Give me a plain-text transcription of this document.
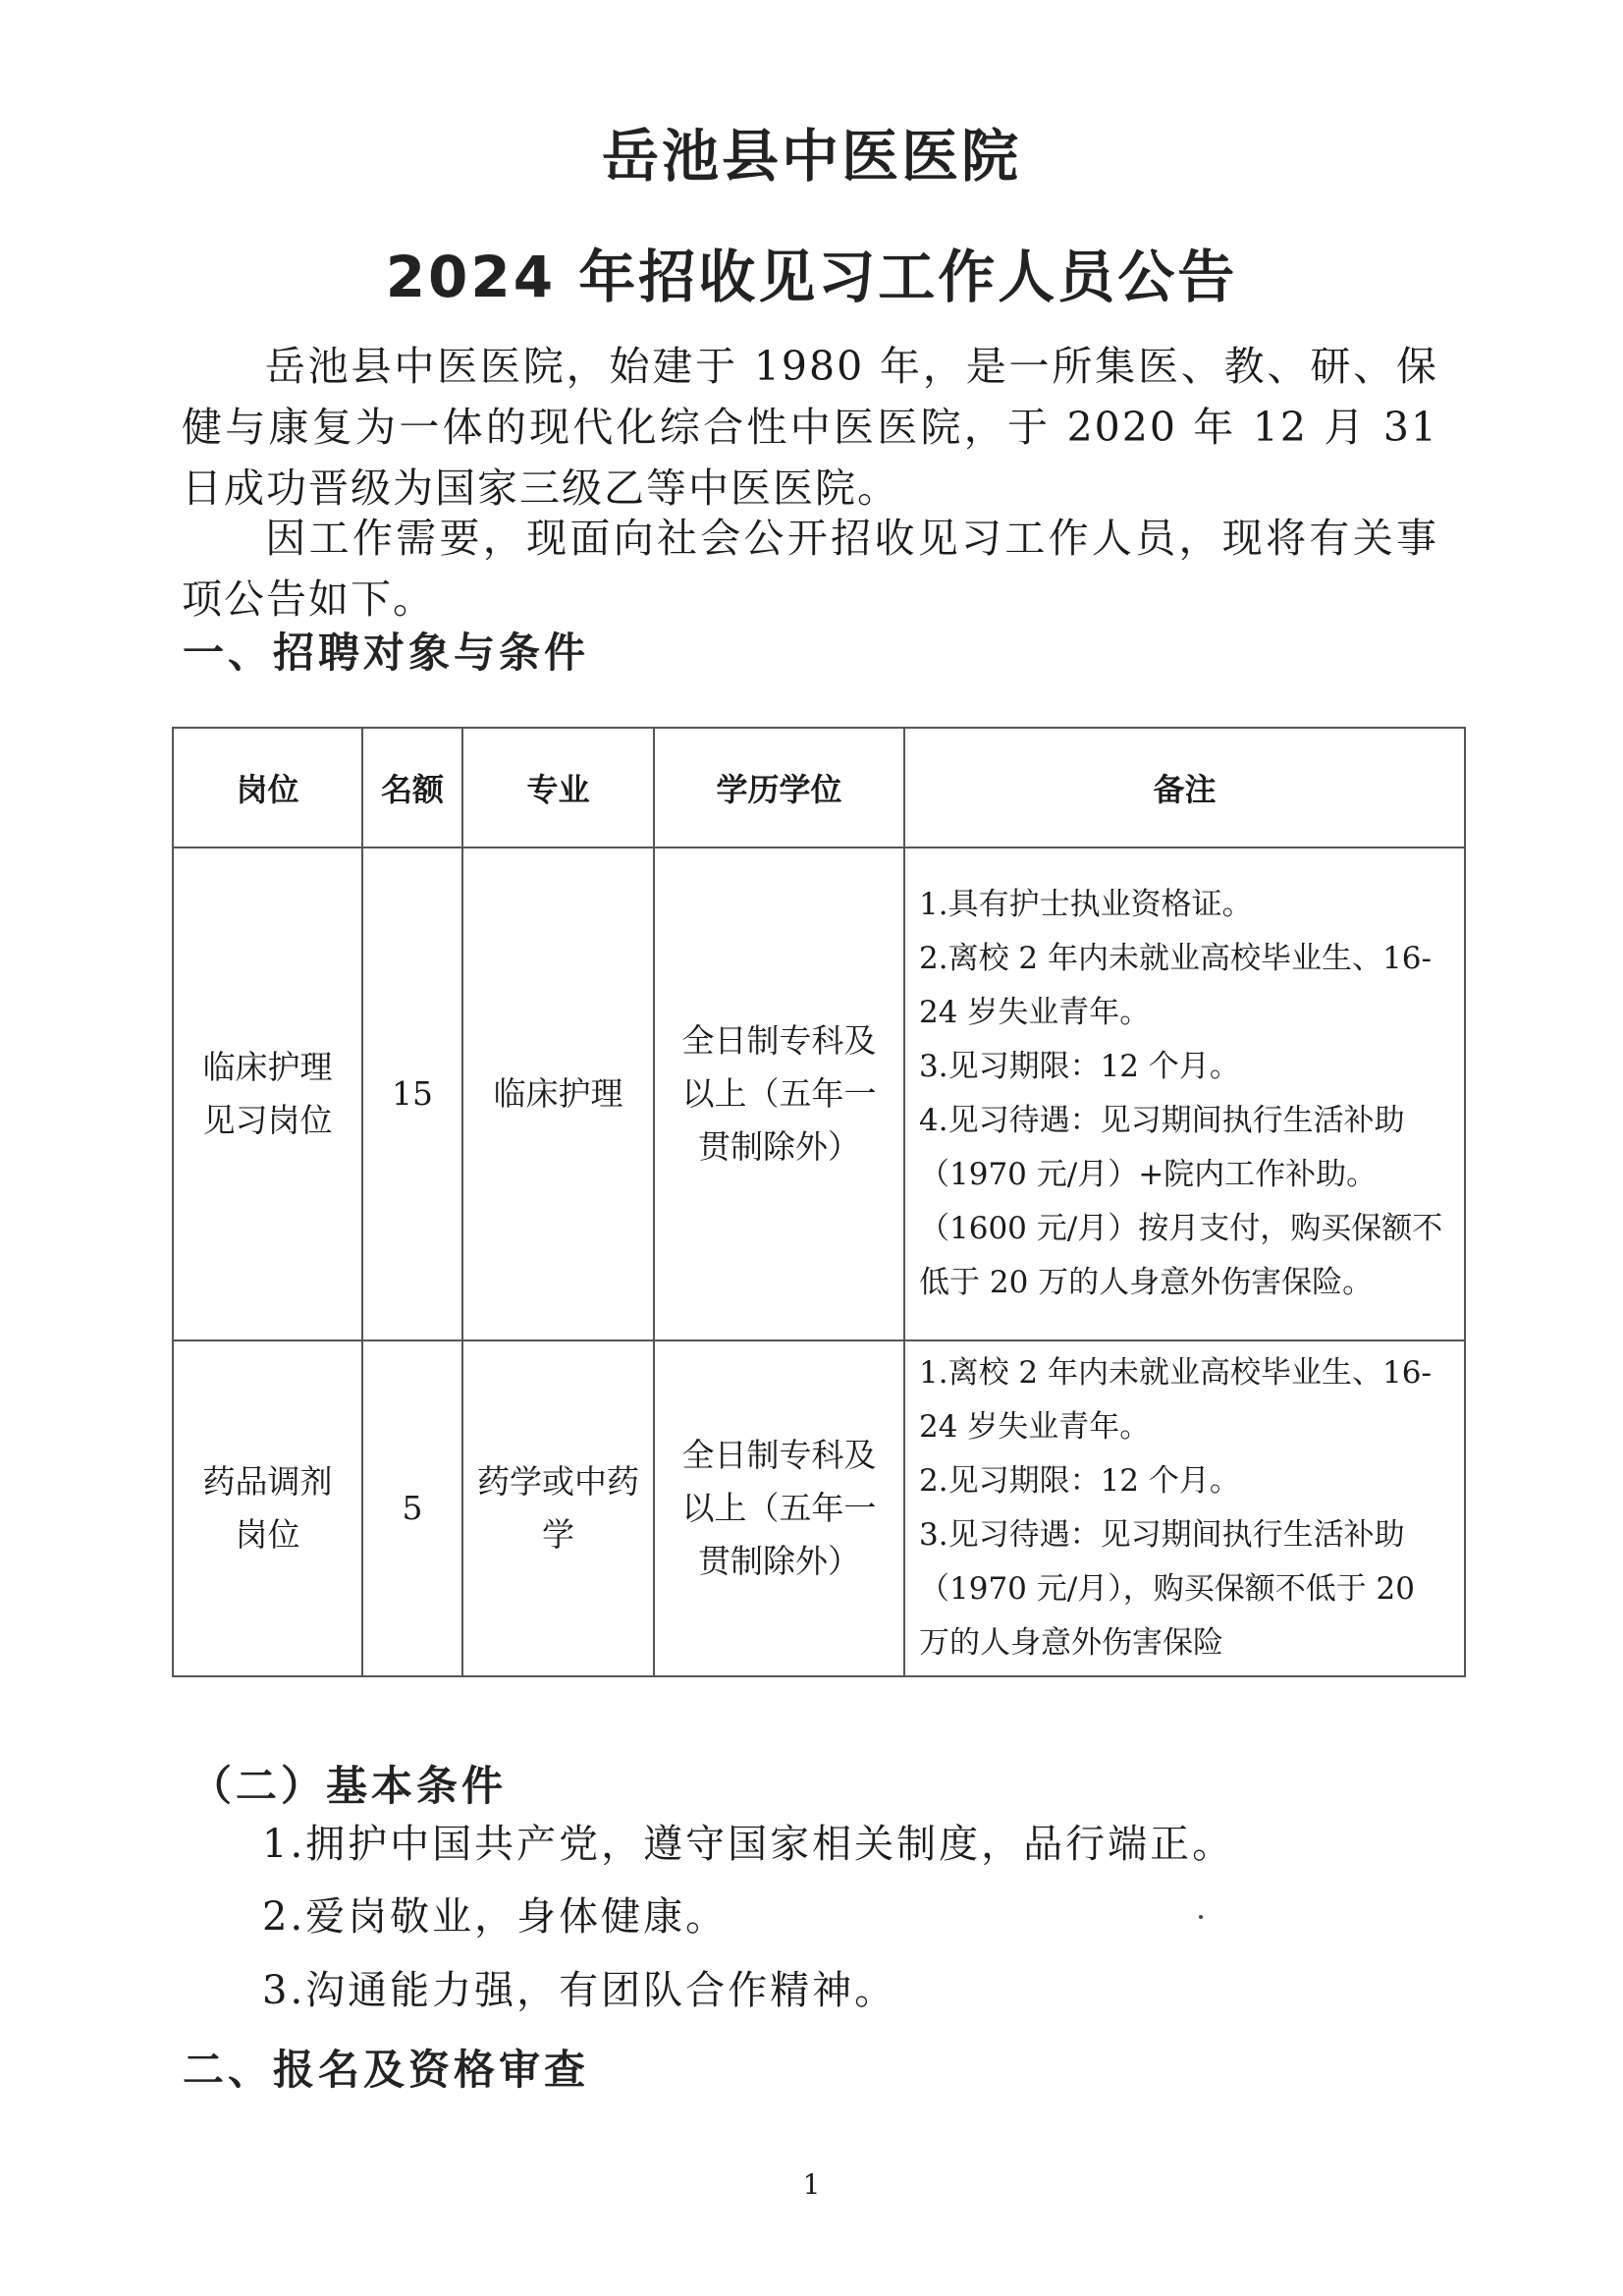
岳池县中医医院
2024 年招收见习工作人员公告
岳池县中医医院，始建于 1980 年，是一所集医、教、研、保健与康复为一体的现代化综合性中医医院，于 2020 年 12 月 31 日成功晋级为国家三级乙等中医医院。
因工作需要，现面向社会公开招收见习工作人员，现将有关事项公告如下。
一、招聘对象与条件
岗位	名额	专业	学历学位	备注
临床护理见习岗位	15	临床护理	全日制专科及以上（五年一贯制除外）	1.具有护士执业资格证。
2.离校 2 年内未就业高校毕业生、16-24 岁失业青年。
3.见习期限：12 个月。
4.见习待遇：见习期间执行生活补助（1970 元/月）+院内工作补助。（1600 元/月）按月支付，购买保额不低于 20 万的人身意外伤害保险。

药品调剂岗位	5	药学或中药学	全日制专科及以上（五年一贯制除外）	1.离校 2 年内未就业高校毕业生、16-24 岁失业青年。
2.见习期限：12 个月。
3.见习待遇：见习期间执行生活补助（1970 元/月），购买保额不低于 20 万的人身意外伤害保险
（二）基本条件
1.拥护中国共产党，遵守国家相关制度，品行端正。
2.爱岗敬业，身体健康。
3.沟通能力强，有团队合作精神。
二、报名及资格审查
1
